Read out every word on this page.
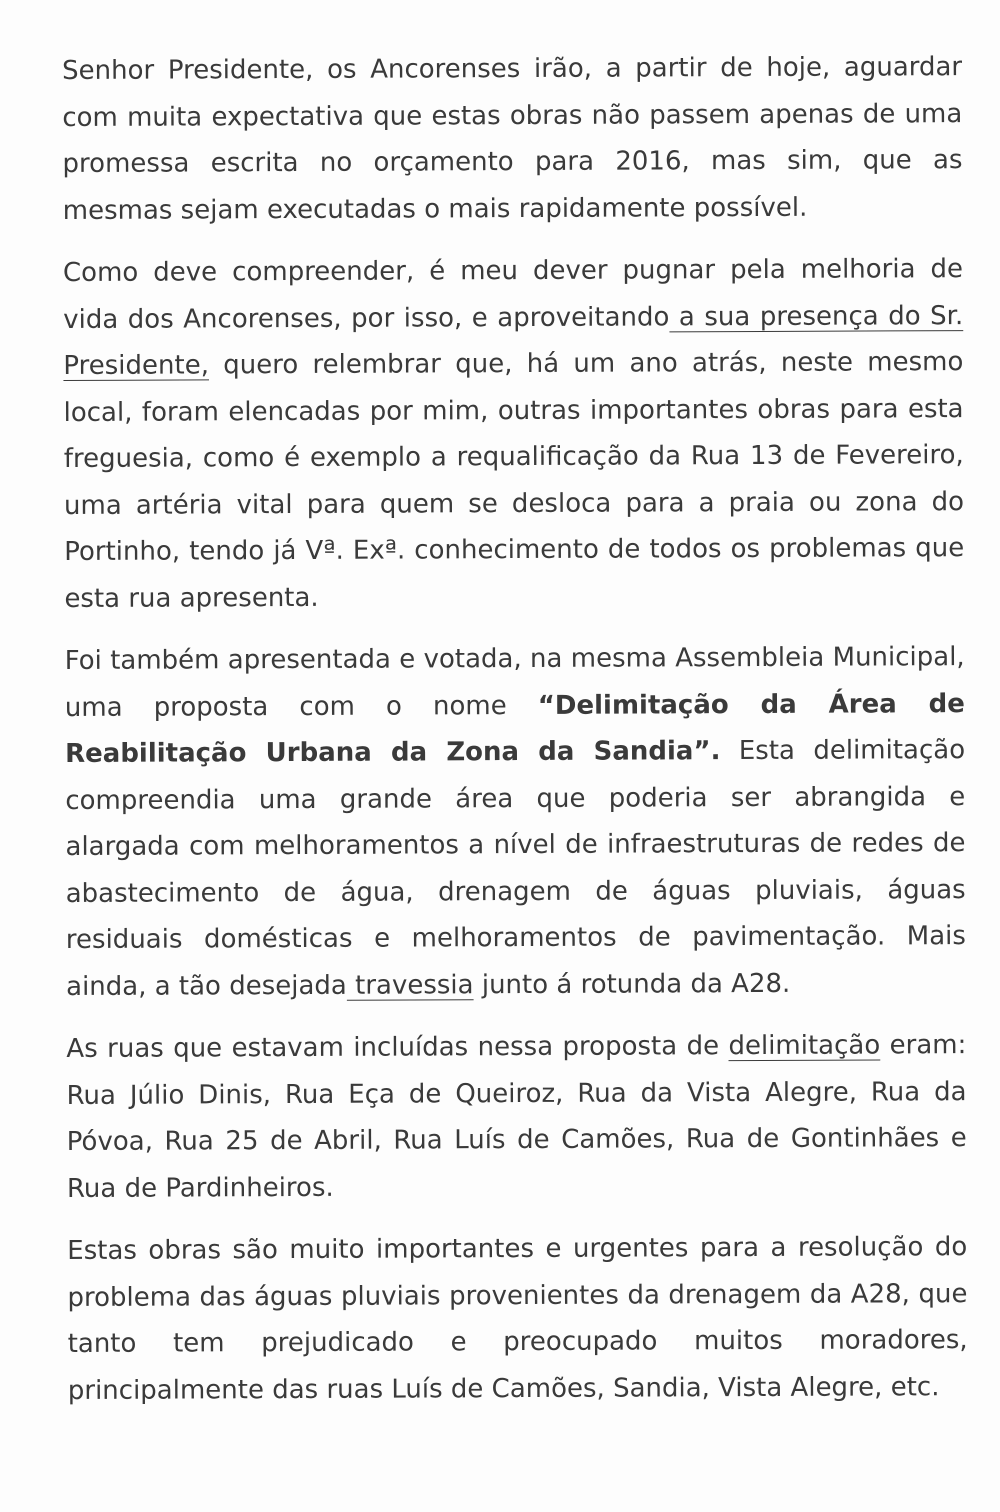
Senhor Presidente, os Ancorenses irão, a partir de hoje, aguardar com muita expectativa que estas obras não passem apenas de uma promessa escrita no orçamento para 2016, mas sim, que as mesmas sejam executadas o mais rapidamente possível.

Como deve compreender, é meu dever pugnar pela melhoria de vida dos Ancorenses, por isso, e aproveitando a sua presença do Sr. Presidente, quero relembrar que, há um ano atrás, neste mesmo local, foram elencadas por mim, outras importantes obras para esta freguesia, como é exemplo a requalificação da Rua 13 de Fevereiro, uma artéria vital para quem se desloca para a praia ou zona do Portinho, tendo já Vª. Exª. conhecimento de todos os problemas que esta rua apresenta.

Foi também apresentada e votada, na mesma Assembleia Municipal, uma proposta com o nome “Delimitação da Área de Reabilitação Urbana da Zona da Sandia”. Esta delimitação compreendia uma grande área que poderia ser abrangida e alargada com melhoramentos a nível de infraestruturas de redes de abastecimento de água, drenagem de águas pluviais, águas residuais domésticas e melhoramentos de pavimentação. Mais ainda, a tão desejada travessia junto á rotunda da A28.

As ruas que estavam incluídas nessa proposta de delimitação eram: Rua Júlio Dinis, Rua Eça de Queiroz, Rua da Vista Alegre, Rua da Póvoa, Rua 25 de Abril, Rua Luís de Camões, Rua de Gontinhães e Rua de Pardinheiros.

Estas obras são muito importantes e urgentes para a resolução do problema das águas pluviais provenientes da drenagem da A28, que tanto tem prejudicado e preocupado muitos moradores, principalmente das ruas Luís de Camões, Sandia, Vista Alegre, etc.
